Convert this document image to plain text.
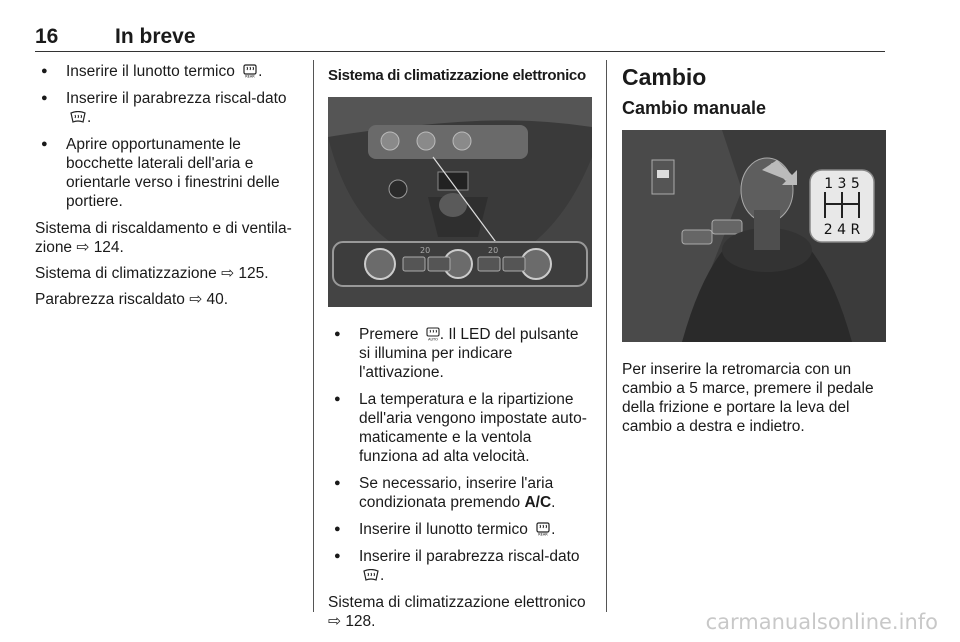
16	In breve
● Inserire il lunotto termico	REAR .
● Inserire il parabrezza riscal-dato .
● Aprire opportunamente le bocchette laterali dell'aria e orientarle verso i finestrini delle portiere.

Sistema di riscaldamento e di ventila-zione ⇨ 124.

Sistema di climatizzazione ⇨ 125.

Parabrezza riscaldato ⇨ 40.

Sistema di climatizzazione elettronico
20	20
● Premere	AUTO . Il LED del pulsante si illumina per indicare l'attivazione.
● La temperatura e la ripartizione dell'aria vengono impostate auto-maticamente e la ventola funziona ad alta velocità.
● Se necessario, inserire l'aria condizionata premendo A/C.
● Inserire il lunotto termico	REAR .
● Inserire il parabrezza riscal-dato .

Sistema di climatizzazione elettronico
⇨ 128.

Cambio
Cambio manuale
1 3 5
2 4 R

Per inserire la retromarcia con un cambio a 5 marce, premere il pedale della frizione e portare la leva del cambio a destra e indietro.

carmanualsonline.info
